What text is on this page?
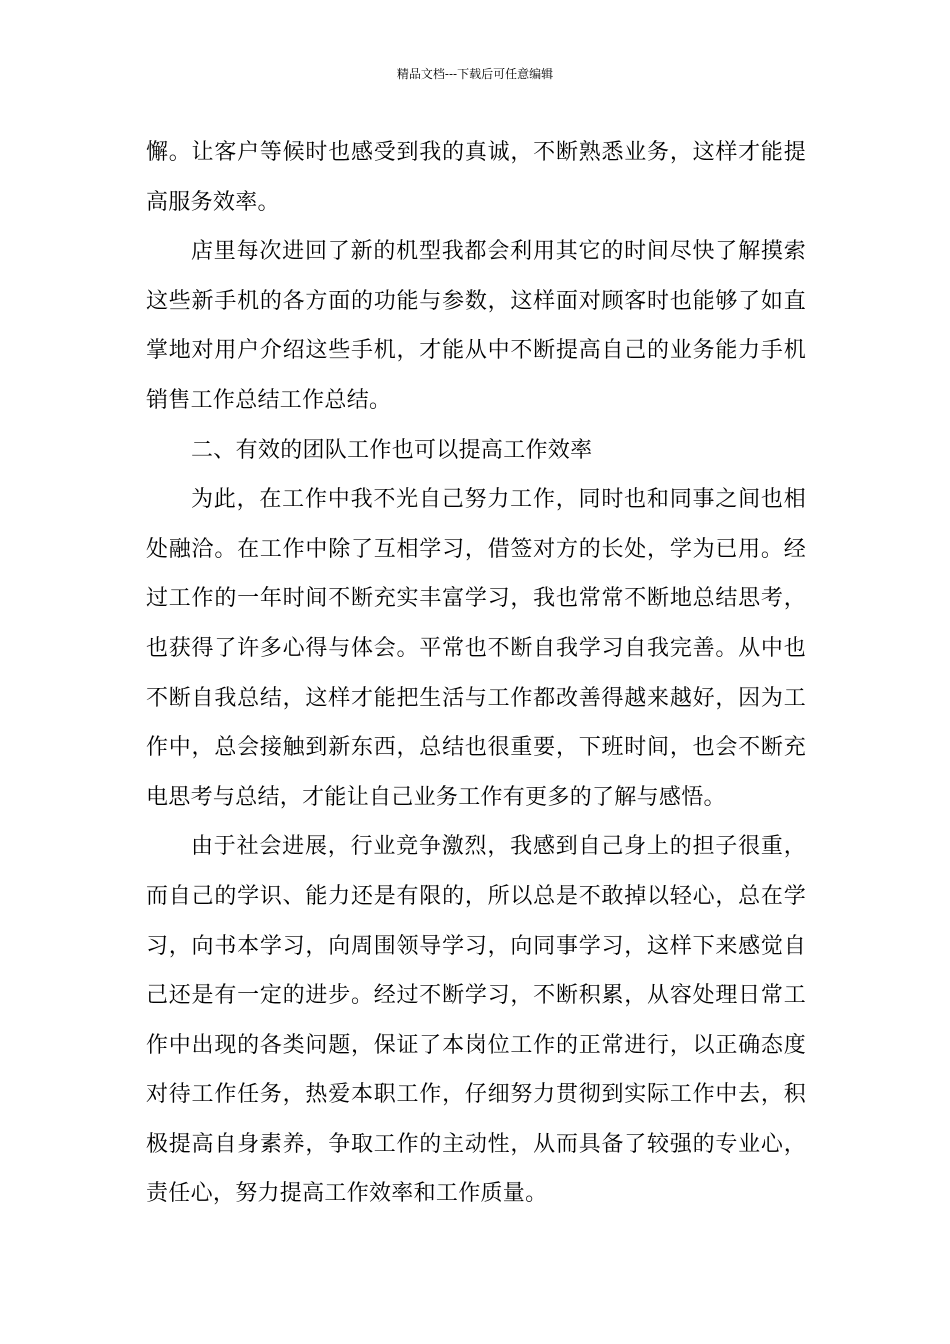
精品文档---下载后可任意编辑

懈。让客户等候时也感受到我的真诚，不断熟悉业务，这样才能提高服务效率。

店里每次进回了新的机型我都会利用其它的时间尽快了解摸索这些新手机的各方面的功能与参数，这样面对顾客时也能够了如直掌地对用户介绍这些手机，才能从中不断提高自己的业务能力手机销售工作总结工作总结。

二、有效的团队工作也可以提高工作效率

为此，在工作中我不光自己努力工作，同时也和同事之间也相处融洽。在工作中除了互相学习，借签对方的长处，学为已用。经过工作的一年时间不断充实丰富学习，我也常常不断地总结思考，也获得了许多心得与体会。平常也不断自我学习自我完善。从中也不断自我总结，这样才能把生活与工作都改善得越来越好，因为工作中，总会接触到新东西，总结也很重要，下班时间，也会不断充电思考与总结，才能让自己业务工作有更多的了解与感悟。

由于社会进展，行业竞争激烈，我感到自己身上的担子很重，而自己的学识、能力还是有限的，所以总是不敢掉以轻心，总在学习，向书本学习，向周围领导学习，向同事学习，这样下来感觉自己还是有一定的进步。经过不断学习，不断积累，从容处理日常工作中出现的各类问题，保证了本岗位工作的正常进行，以正确态度对待工作任务，热爱本职工作，仔细努力贯彻到实际工作中去，积极提高自身素养，争取工作的主动性，从而具备了较强的专业心，责任心，努力提高工作效率和工作质量。
